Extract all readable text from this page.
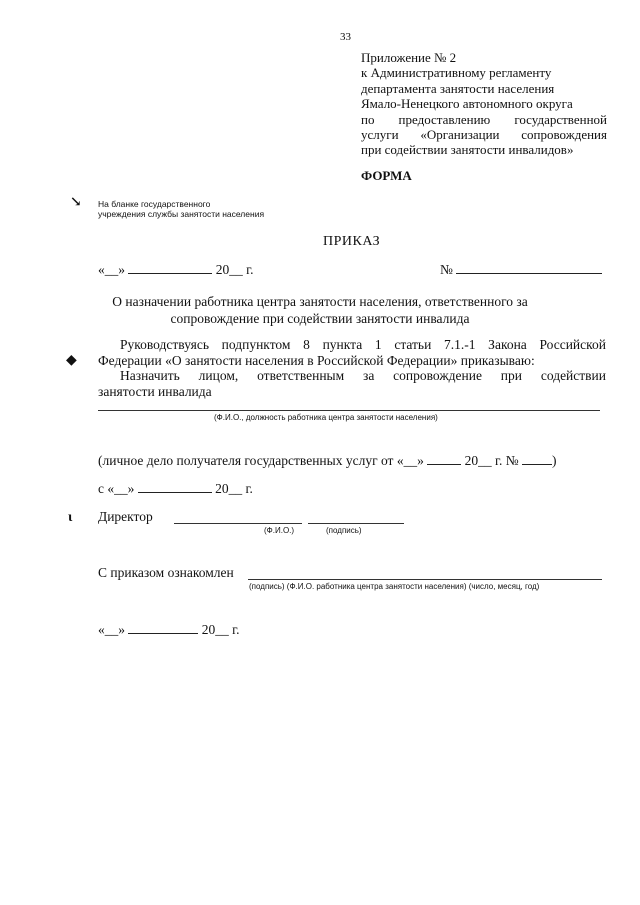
33
Приложение № 2
к Административному регламенту
департамента занятости населения
Ямало-Ненецкого автономного округа
по предоставлению государственной
услуги «Организации сопровождения
при содействии занятости инвалидов»
ФОРМА
↘ На бланке государственного
учреждения службы занятости населения
ПРИКАЗ
«__»	20__ г.	№
О назначении работника центра занятости населения, ответственного за
сопровождение при содействии занятости инвалида
◆
Руководствуясь подпунктом 8 пункта 1 статьи 7.1.-1 Закона Российской
Федерации «О занятости населения в Российской Федерации» приказываю:
Назначить лицом, ответственным за сопровождение при содействии
занятости инвалида
(Ф.И.О., должность работника центра занятости населения)
(личное дело получателя государственных услуг от «__»	20__ г. № )
с «__»	20__ г.
ɩ Директор
(Ф.И.О.)	(подпись)
С приказом ознакомлен
(подпись) (Ф.И.О. работника центра занятости населения) (число, месяц, год)
«__»	20__ г.
